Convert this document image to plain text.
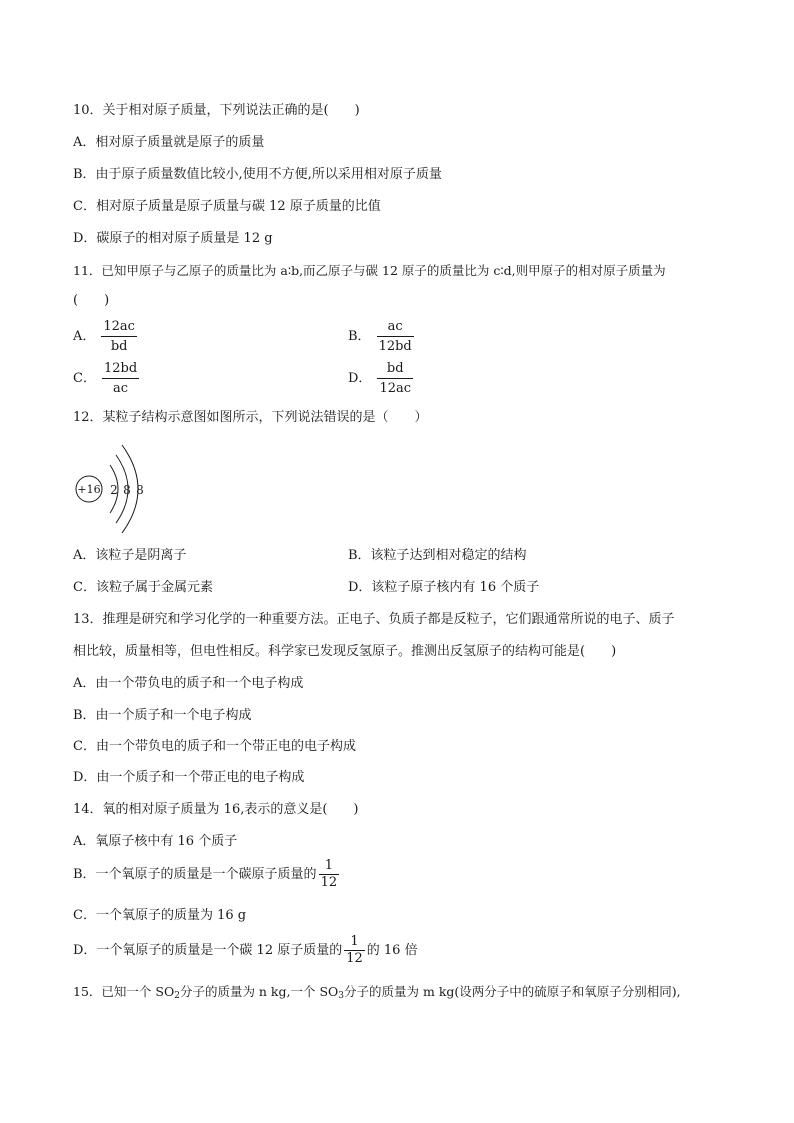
10．关于相对原子质量，下列说法正确的是(　　)
A．相对原子质量就是原子的质量
B．由于原子质量数值比较小,使用不方便,所以采用相对原子质量
C．相对原子质量是原子质量与碳 12 原子质量的比值
D．碳原子的相对原子质量是 12 g
11．已知甲原子与乙原子的质量比为 a∶b,而乙原子与碳 12 原子的质量比为 c∶d,则甲原子的相对原子质量为
(　　)
A． $\frac{12ac}{bd}$	B． $\frac{ac}{12bd}$
C． $\frac{12bd}{ac}$	D． $\frac{bd}{12ac}$
12．某粒子结构示意图如图所示，下列说法错误的是（　　）
+16 2 8 8
A．该粒子是阴离子	B．该粒子达到相对稳定的结构
C．该粒子属于金属元素	D．该粒子原子核内有 16 个质子
13．推理是研究和学习化学的一种重要方法。正电子、负质子都是反粒子，它们跟通常所说的电子、质子
相比较，质量相等，但电性相反。科学家已发现反氢原子。推测出反氢原子的结构可能是(　　)
A．由一个带负电的质子和一个电子构成
B．由一个质子和一个电子构成
C．由一个带负电的质子和一个带正电的电子构成
D．由一个质子和一个带正电的电子构成
14．氧的相对原子质量为 16,表示的意义是(　　)
A．氧原子核中有 16 个质子
B．一个氧原子的质量是一个碳原子质量的 $\frac{1}{12}$
C．一个氧原子的质量为 16 g
D．一个氧原子的质量是一个碳 12 原子质量的 $\frac{1}{12}$ 的 16 倍
15．已知一个 $SO_2$分子的质量为 n kg,一个 $SO_3$分子的质量为 m kg(设两分子中的硫原子和氧原子分别相同),
